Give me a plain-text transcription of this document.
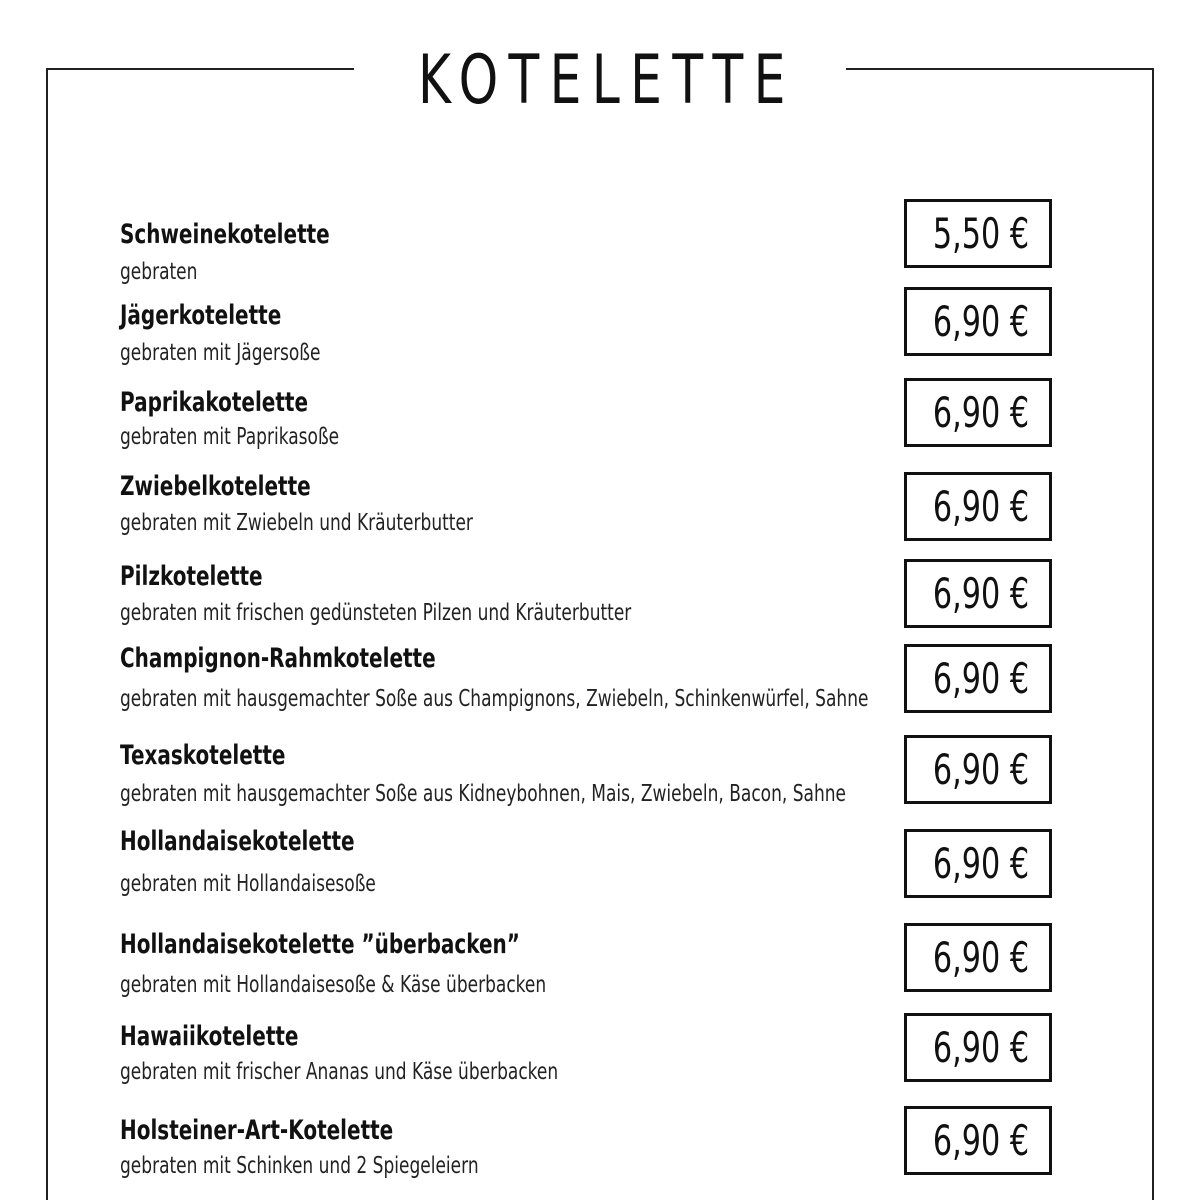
KOTELETTE
Schweinekotelette
gebraten
5,50 €
Jägerkotelette
gebraten mit Jägersoße
6,90 €
Paprikakotelette
gebraten mit Paprikasoße	6,90 €
Zwiebelkotelette
gebraten mit Zwiebeln und Kräuterbutter	6,90 €
Pilzkotelette
gebraten mit frischen gedünsteten Pilzen und Kräuterbutter	6,90 €
Champignon-Rahmkotelette
gebraten mit hausgemachter Soße aus Champignons, Zwiebeln, Schinkenwürfel, Sahne 6,90 €
Texaskotelette
gebraten mit hausgemachter Soße aus Kidneybohnen, Mais, Zwiebeln, Bacon, Sahne 6,90 €
Hollandaisekotelette
gebraten mit Hollandaisesoße	6,90 €
Hollandaisekotelette ”überbacken”
gebraten mit Hollandaisesoße & Käse überbacken
6,90 €
Hawaiikotelette
gebraten mit frischer Ananas und Käse überbacken	6,90 €
Holsteiner-Art-Kotelette
gebraten mit Schinken und 2 Spiegeleiern
6,90 €
